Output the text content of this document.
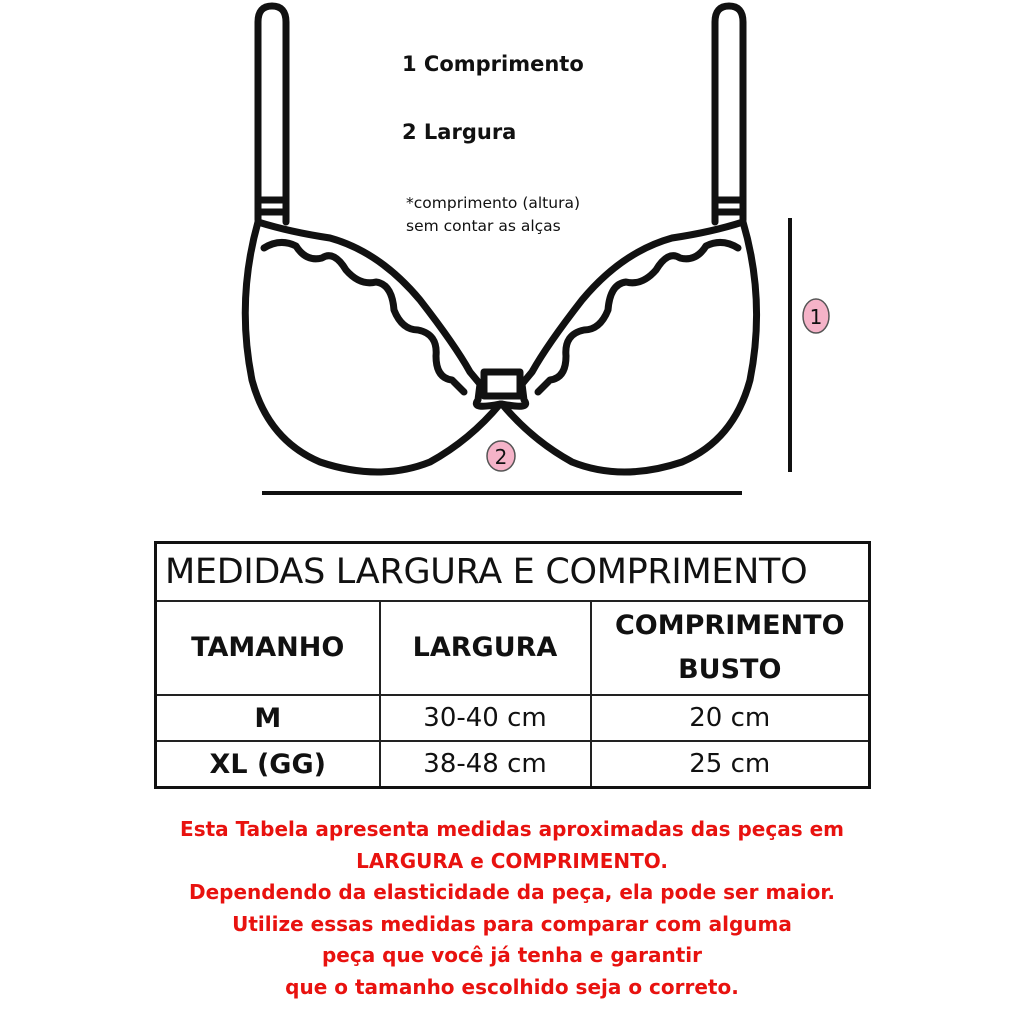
1
2
1 Comprimento
2 Largura
*comprimento (altura)
sem contar as alças
MEDIDAS LARGURA E COMPRIMENTO		
TAMANHO	LARGURA	COMPRIMENTO
BUSTO

M	30-40 cm	20 cm
XL (GG)	38-48 cm	25 cm
Esta Tabela apresenta medidas aproximadas das peças em
LARGURA e COMPRIMENTO.
Dependendo da elasticidade da peça, ela pode ser maior.
Utilize essas medidas para comparar com alguma
peça que você já tenha e garantir
que o tamanho escolhido seja o correto.
